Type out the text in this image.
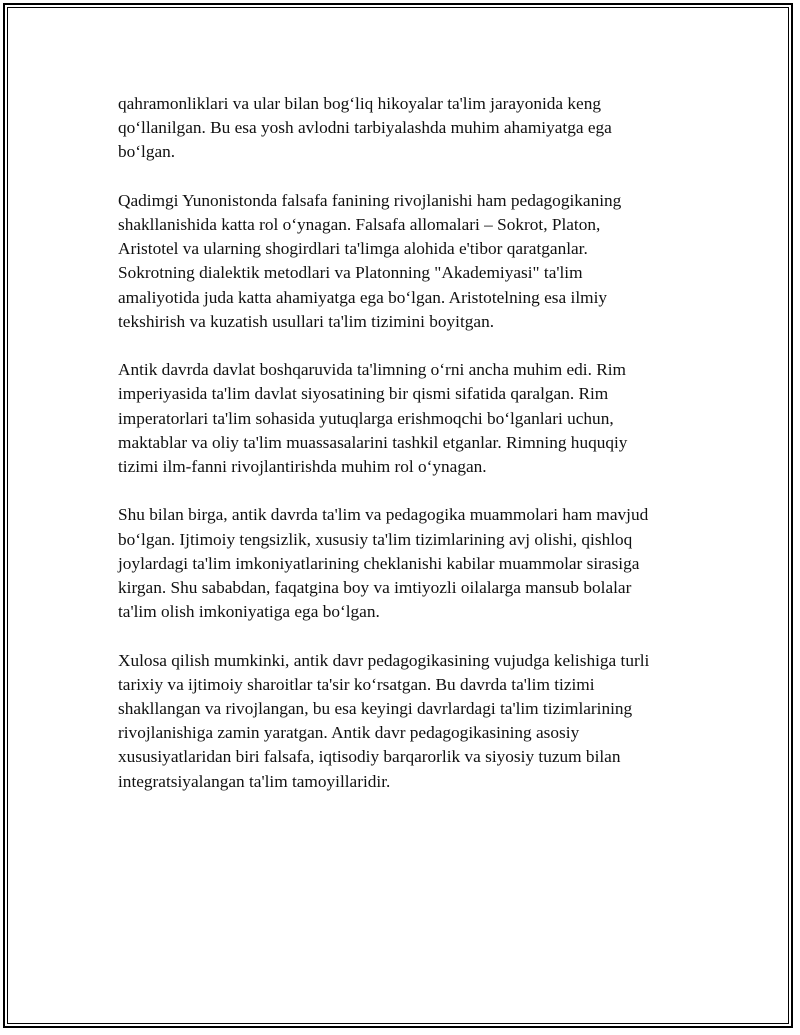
qahramonliklari va ular bilan bog‘liq hikoyalar ta'lim jarayonida keng
qo‘llanilgan. Bu esa yosh avlodni tarbiyalashda muhim ahamiyatga ega
bo‘lgan.

Qadimgi Yunonistonda falsafa fanining rivojlanishi ham pedagogikaning
shakllanishida katta rol o‘ynagan. Falsafa allomalari – Sokrot, Platon,
Aristotel va ularning shogirdlari ta'limga alohida e'tibor qaratganlar.
Sokrotning dialektik metodlari va Platonning "Akademiyasi" ta'lim
amaliyotida juda katta ahamiyatga ega bo‘lgan. Aristotelning esa ilmiy
tekshirish va kuzatish usullari ta'lim tizimini boyitgan.

Antik davrda davlat boshqaruvida ta'limning o‘rni ancha muhim edi. Rim
imperiyasida ta'lim davlat siyosatining bir qismi sifatida qaralgan. Rim
imperatorlari ta'lim sohasida yutuqlarga erishmoqchi bo‘lganlari uchun,
maktablar va oliy ta'lim muassasalarini tashkil etganlar. Rimning huquqiy
tizimi ilm-fanni rivojlantirishda muhim rol o‘ynagan.

Shu bilan birga, antik davrda ta'lim va pedagogika muammolari ham mavjud
bo‘lgan. Ijtimoiy tengsizlik, xususiy ta'lim tizimlarining avj olishi, qishloq
joylardagi ta'lim imkoniyatlarining cheklanishi kabilar muammolar sirasiga
kirgan. Shu sababdan, faqatgina boy va imtiyozli oilalarga mansub bolalar
ta'lim olish imkoniyatiga ega bo‘lgan.

Xulosa qilish mumkinki, antik davr pedagogikasining vujudga kelishiga turli
tarixiy va ijtimoiy sharoitlar ta'sir ko‘rsatgan. Bu davrda ta'lim tizimi
shakllangan va rivojlangan, bu esa keyingi davrlardagi ta'lim tizimlarining
rivojlanishiga zamin yaratgan. Antik davr pedagogikasining asosiy
xususiyatlaridan biri falsafa, iqtisodiy barqarorlik va siyosiy tuzum bilan
integratsiyalangan ta'lim tamoyillaridir.
